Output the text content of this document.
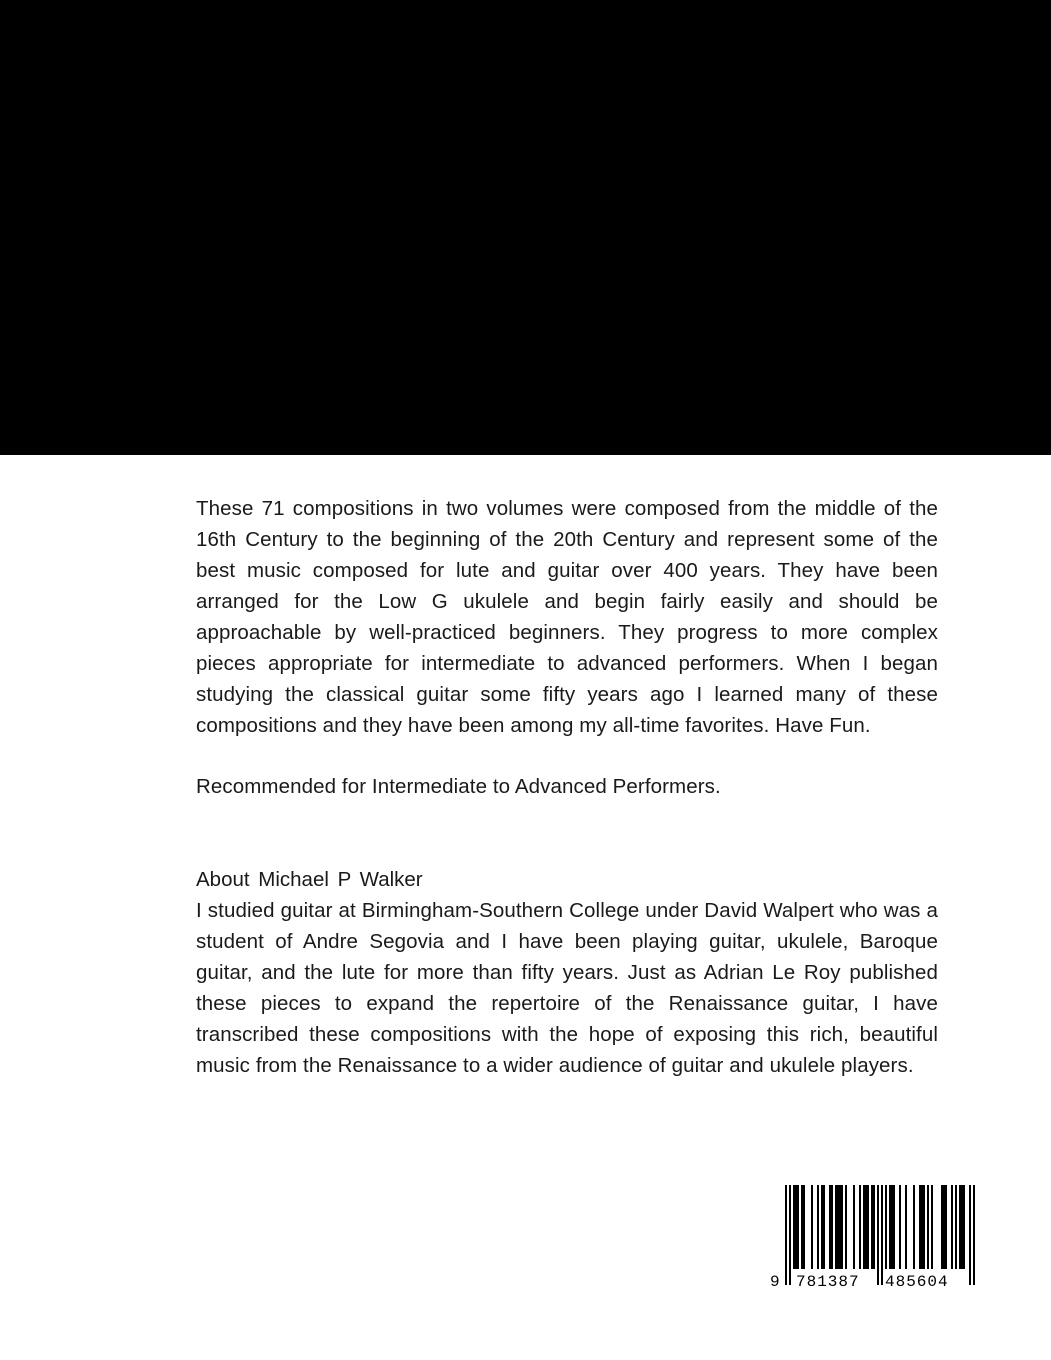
These 71 compositions in two volumes were composed from the middle of the 16th Century to the beginning of the 20th Century and represent some of the best music composed for lute and guitar over 400 years. They have been arranged for the Low G ukulele and begin fairly easily and should be approachable by well-practiced beginners. They progress to more complex pieces appropriate for intermediate to advanced performers. When I began studying the classical guitar some fifty years ago I learned many of these compositions and they have been among my all-time favorites. Have Fun.

Recommended for Intermediate to Advanced Performers.

About Michael P Walker

I studied guitar at Birmingham-Southern College under David Walpert who was a student of Andre Segovia and I have been playing guitar, ukulele, Baroque guitar, and the lute for more than fifty years. Just as Adrian Le Roy published these pieces to expand the repertoire of the Renaissance guitar, I have transcribed these compositions with the hope of exposing this rich, beautiful music from the Renaissance to a wider audience of guitar and ukulele players.

9 781387 485604
